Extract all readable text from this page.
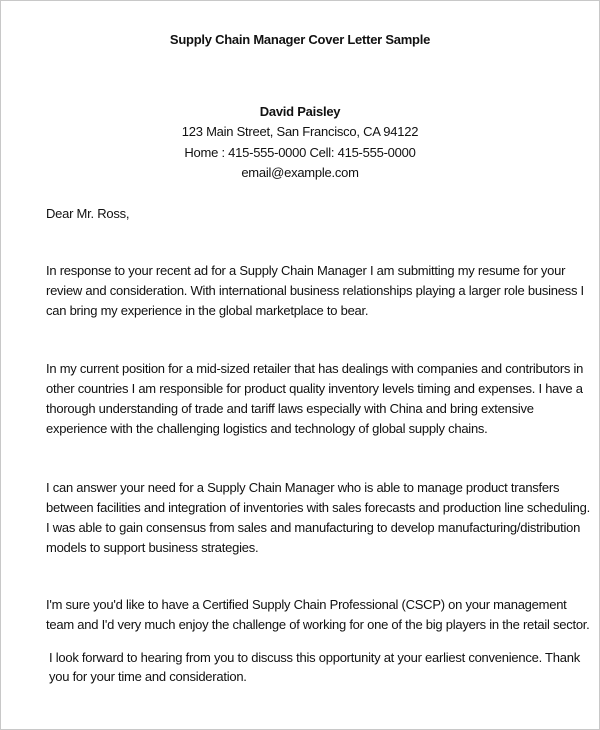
Supply Chain Manager Cover Letter Sample
David Paisley
123 Main Street, San Francisco, CA 94122
Home : 415-555-0000 Cell: 415-555-0000
email@example.com
Dear Mr. Ross,
In response to your recent ad for a Supply Chain Manager I am submitting my resume for your
review and consideration. With international business relationships playing a larger role business I
can bring my experience in the global marketplace to bear.
In my current position for a mid-sized retailer that has dealings with companies and contributors in
other countries I am responsible for product quality inventory levels timing and expenses. I have a
thorough understanding of trade and tariff laws especially with China and bring extensive
experience with the challenging logistics and technology of global supply chains.
I can answer your need for a Supply Chain Manager who is able to manage product transfers
between facilities and integration of inventories with sales forecasts and production line scheduling.
I was able to gain consensus from sales and manufacturing to develop manufacturing/distribution
models to support business strategies.
I'm sure you'd like to have a Certified Supply Chain Professional (CSCP) on your management
team and I'd very much enjoy the challenge of working for one of the big players in the retail sector.
I look forward to hearing from you to discuss this opportunity at your earliest convenience. Thank
you for your time and consideration.
